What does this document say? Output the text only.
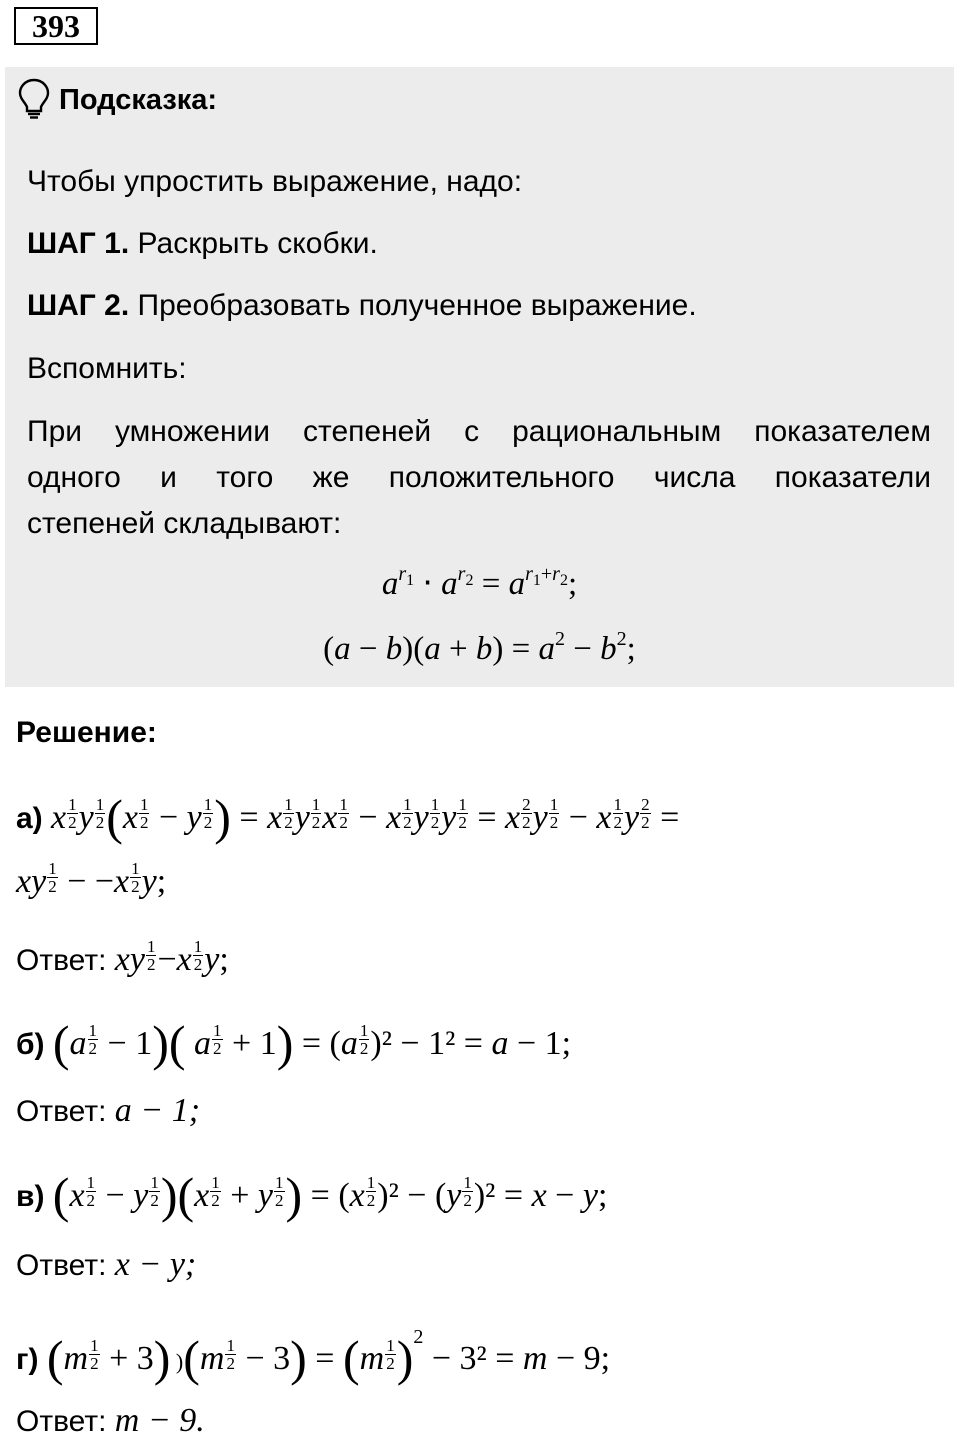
393
Подсказка:
Чтобы упростить выражение, надо:
ШАГ 1. Раскрыть скобки.
ШАГ 2. Преобразовать полученное выражение.
Вспомнить:
При умножении степеней с рациональным показателем
одного и того же положительного числа показатели
степеней складывают:
$a^{r_1} \cdot a^{r_2} = a^{r_1+r_2}$;
$(a - b)(a + b) = a^2 - b^2$;
Решение:
а) x $\frac{1}{2}$ y $\frac{1}{2} (x \frac{1}{2} - y \frac{1}{2}$ ) = x $\frac{1}{2}$ y $\frac{1}{2}$ x $\frac{1}{2} - x \frac{1}{2}$ y $\frac{1}{2}$ y $\frac{1}{2} = x \frac{2}{2}$ y $\frac{1}{2} - x \frac{1}{2}$ y $\frac{2}{2}$ =
xy $\frac{1}{2} - -x \frac{1}{2} y$;
Ответ: xy $\frac{1}{2} -x \frac{1}{2} y$;
б) $(a \frac{1}{2} - 1)$( a $\frac{1}{2} + 1) = (a \frac{1}{2} )^2 - 1^2 = a - 1$;
Ответ: a − 1;
в) $(x \frac{1}{2} - y \frac{1}{2} )(x \frac{1}{2} + y \frac{1}{2}$ ) = $(x \frac{1}{2} )^2 - (y \frac{1}{2} )^2 = x - y$;
Ответ: x − y;
г) $(m \frac{1}{2} + 3)$ )$(m \frac{1}{2} - 3) = (m \frac{1}{2} )^2 - 3^2 = m - 9$;
Ответ: m − 9.
